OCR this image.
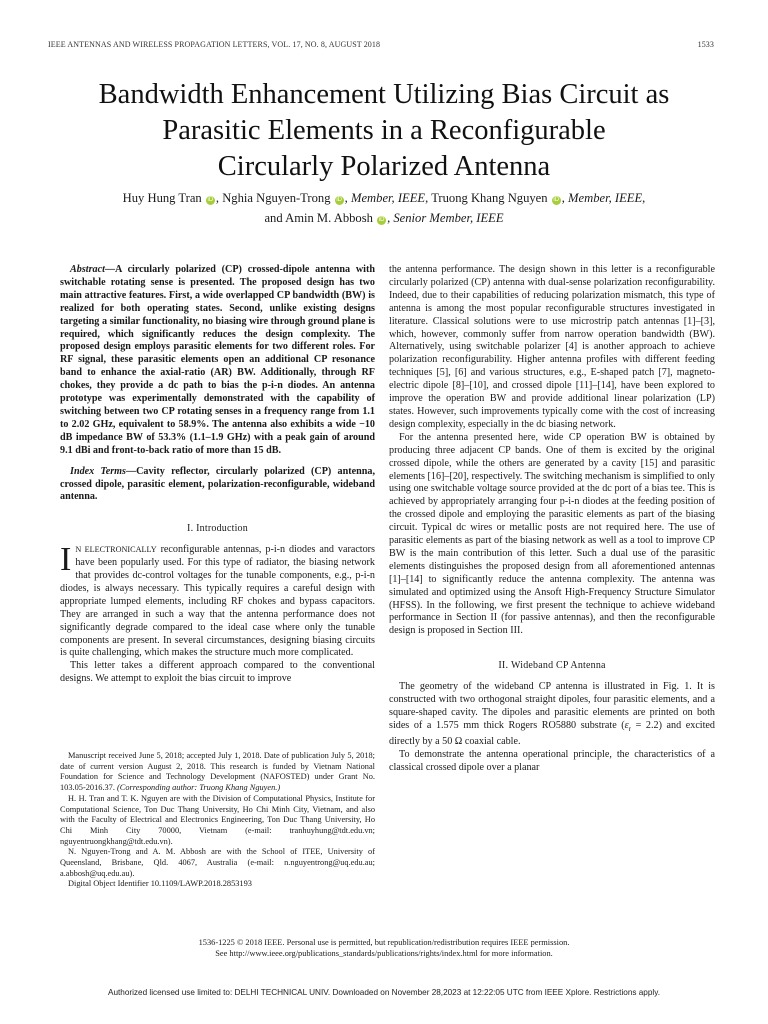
IEEE ANTENNAS AND WIRELESS PROPAGATION LETTERS, VOL. 17, NO. 8, AUGUST 2018	1533
Bandwidth Enhancement Utilizing Bias Circuit as
Parasitic Elements in a Reconfigurable
Circularly Polarized Antenna
Huy Hung Tran iD , Nghia Nguyen-Trong iD , Member, IEEE, Truong Khang Nguyen iD , Member, IEEE,
and Amin M. Abbosh iD , Senior Member, IEEE

Abstract—A circularly polarized (CP) crossed-dipole antenna with switchable rotating sense is presented. The proposed design has two main attractive features. First, a wide overlapped CP bandwidth (BW) is realized for both operating states. Second, unlike existing designs targeting a similar functionality, no biasing wire through ground plane is required, which significantly reduces the design complexity. The proposed design employs parasitic elements for two different roles. For RF signal, these parasitic elements open an additional CP resonance band to enhance the axial-ratio (AR) BW. Additionally, through RF chokes, they provide a dc path to bias the p-i-n diodes. An antenna prototype was experimentally demonstrated with the capability of switching between two CP rotating senses in a frequency range from 1.1 to 2.02 GHz, equivalent to 58.9%. The antenna also exhibits a wide −10 dB impedance BW of 53.3% (1.1–1.9 GHz) with a peak gain of around 9.1 dBi and front-to-back ratio of more than 15 dB.

Index Terms—Cavity reflector, circularly polarized (CP) antenna, crossed dipole, parasitic element, polarization-reconfigurable, wideband antenna.

I. Introduction

I N ELECTRONICALLY reconfigurable antennas, p-i-n diodes and varactors have been popularly used. For this type of radiator, the biasing network that provides dc-control voltages for the tunable components, e.g., p-i-n diodes, is always necessary. This typically requires a careful design with appropriate lumped elements, including RF chokes and bypass capacitors. They are arranged in such a way that the antenna performance does not significantly degrade compared to the ideal case where only the tunable components are present. In several circumstances, designing biasing circuits is quite challenging, which makes the structure much more complicated.

This letter takes a different approach compared to the conventional designs. We attempt to exploit the bias circuit to improve

Manuscript received June 5, 2018; accepted July 1, 2018. Date of publication July 5, 2018; date of current version August 2, 2018. This research is funded by Vietnam National Foundation for Science and Technology Development (NAFOSTED) under Grant No. 103.05-2016.37. (Corresponding author: Truong Khang Nguyen.)

H. H. Tran and T. K. Nguyen are with the Division of Computational Physics, Institute for Computational Science, Ton Duc Thang University, Ho Chi Minh City, Vietnam, and also with the Faculty of Electrical and Electronics Engineering, Ton Duc Thang University, Ho Chi Minh City 70000, Vietnam (e-mail: tranhuyhung@tdt.edu.vn; nguyentruongkhang@tdt.edu.vn).

N. Nguyen-Trong and A. M. Abbosh are with the School of ITEE, University of Queensland, Brisbane, Qld. 4067, Australia (e-mail: n.nguyentrong@uq.edu.au; a.abbosh@uq.edu.au).

Digital Object Identifier 10.1109/LAWP.2018.2853193

the antenna performance. The design shown in this letter is a reconfigurable circularly polarized (CP) antenna with dual-sense polarization reconfigurability. Indeed, due to their capabilities of reducing polarization mismatch, this type of antenna is among the most popular reconfigurable structures investigated in literature. Classical solutions were to use microstrip patch antennas [1]–[3], which, however, commonly suffer from narrow operation bandwidth (BW). Alternatively, using switchable polarizer [4] is another approach to achieve polarization reconfigurability. Higher antenna profiles with different feeding techniques [5], [6] and various structures, e.g., E-shaped patch [7], magneto-electric dipole [8]–[10], and crossed dipole [11]–[14], have been explored to improve the operation BW and provide additional linear polarization (LP) states. However, such improvements typically come with the cost of increasing design complexity, especially in the dc biasing network.

For the antenna presented here, wide CP operation BW is obtained by producing three adjacent CP bands. One of them is excited by the original crossed dipole, while the others are generated by a cavity [15] and parasitic elements [16]–[20], respectively. The switching mechanism is simplified to only using one switchable voltage source provided at the dc port of a bias tee. This is achieved by appropriately arranging four p-i-n diodes at the feeding position of the crossed dipole and employing the parasitic elements as part of the biasing circuit. Typical dc wires or metallic posts are not required here. The use of parasitic elements as part of the biasing network as well as a tool to improve CP BW is the main contribution of this letter. Such a dual use of the parasitic elements distinguishes the proposed design from all aforementioned antennas [1]–[14] to significantly reduce the antenna complexity. The antenna was simulated and optimized using the Ansoft High-Frequency Structure Simulator (HFSS). In the following, we first present the technique to achieve wideband performance in Section II (for passive antennas), and then the reconfigurable design is proposed in Section III.

II. Wideband CP Antenna

The geometry of the wideband CP antenna is illustrated in Fig. 1. It is constructed with two orthogonal straight dipoles, four parasitic elements, and a square-shaped cavity. The dipoles and parasitic elements are printed on both sides of a 1.575 mm thick Rogers RO5880 substrate $(\varepsilon_r = 2.2)$ and excited directly by a 50 Ω coaxial cable.

To demonstrate the antenna operational principle, the characteristics of a classical crossed dipole over a planar

1536-1225 © 2018 IEEE. Personal use is permitted, but republication/redistribution requires IEEE permission.
See http://www.ieee.org/publications_standards/publications/rights/index.html for more information.
Authorized licensed use limited to: DELHI TECHNICAL UNIV. Downloaded on November 28,2023 at 12:22:05 UTC from IEEE Xplore. Restrictions apply.
